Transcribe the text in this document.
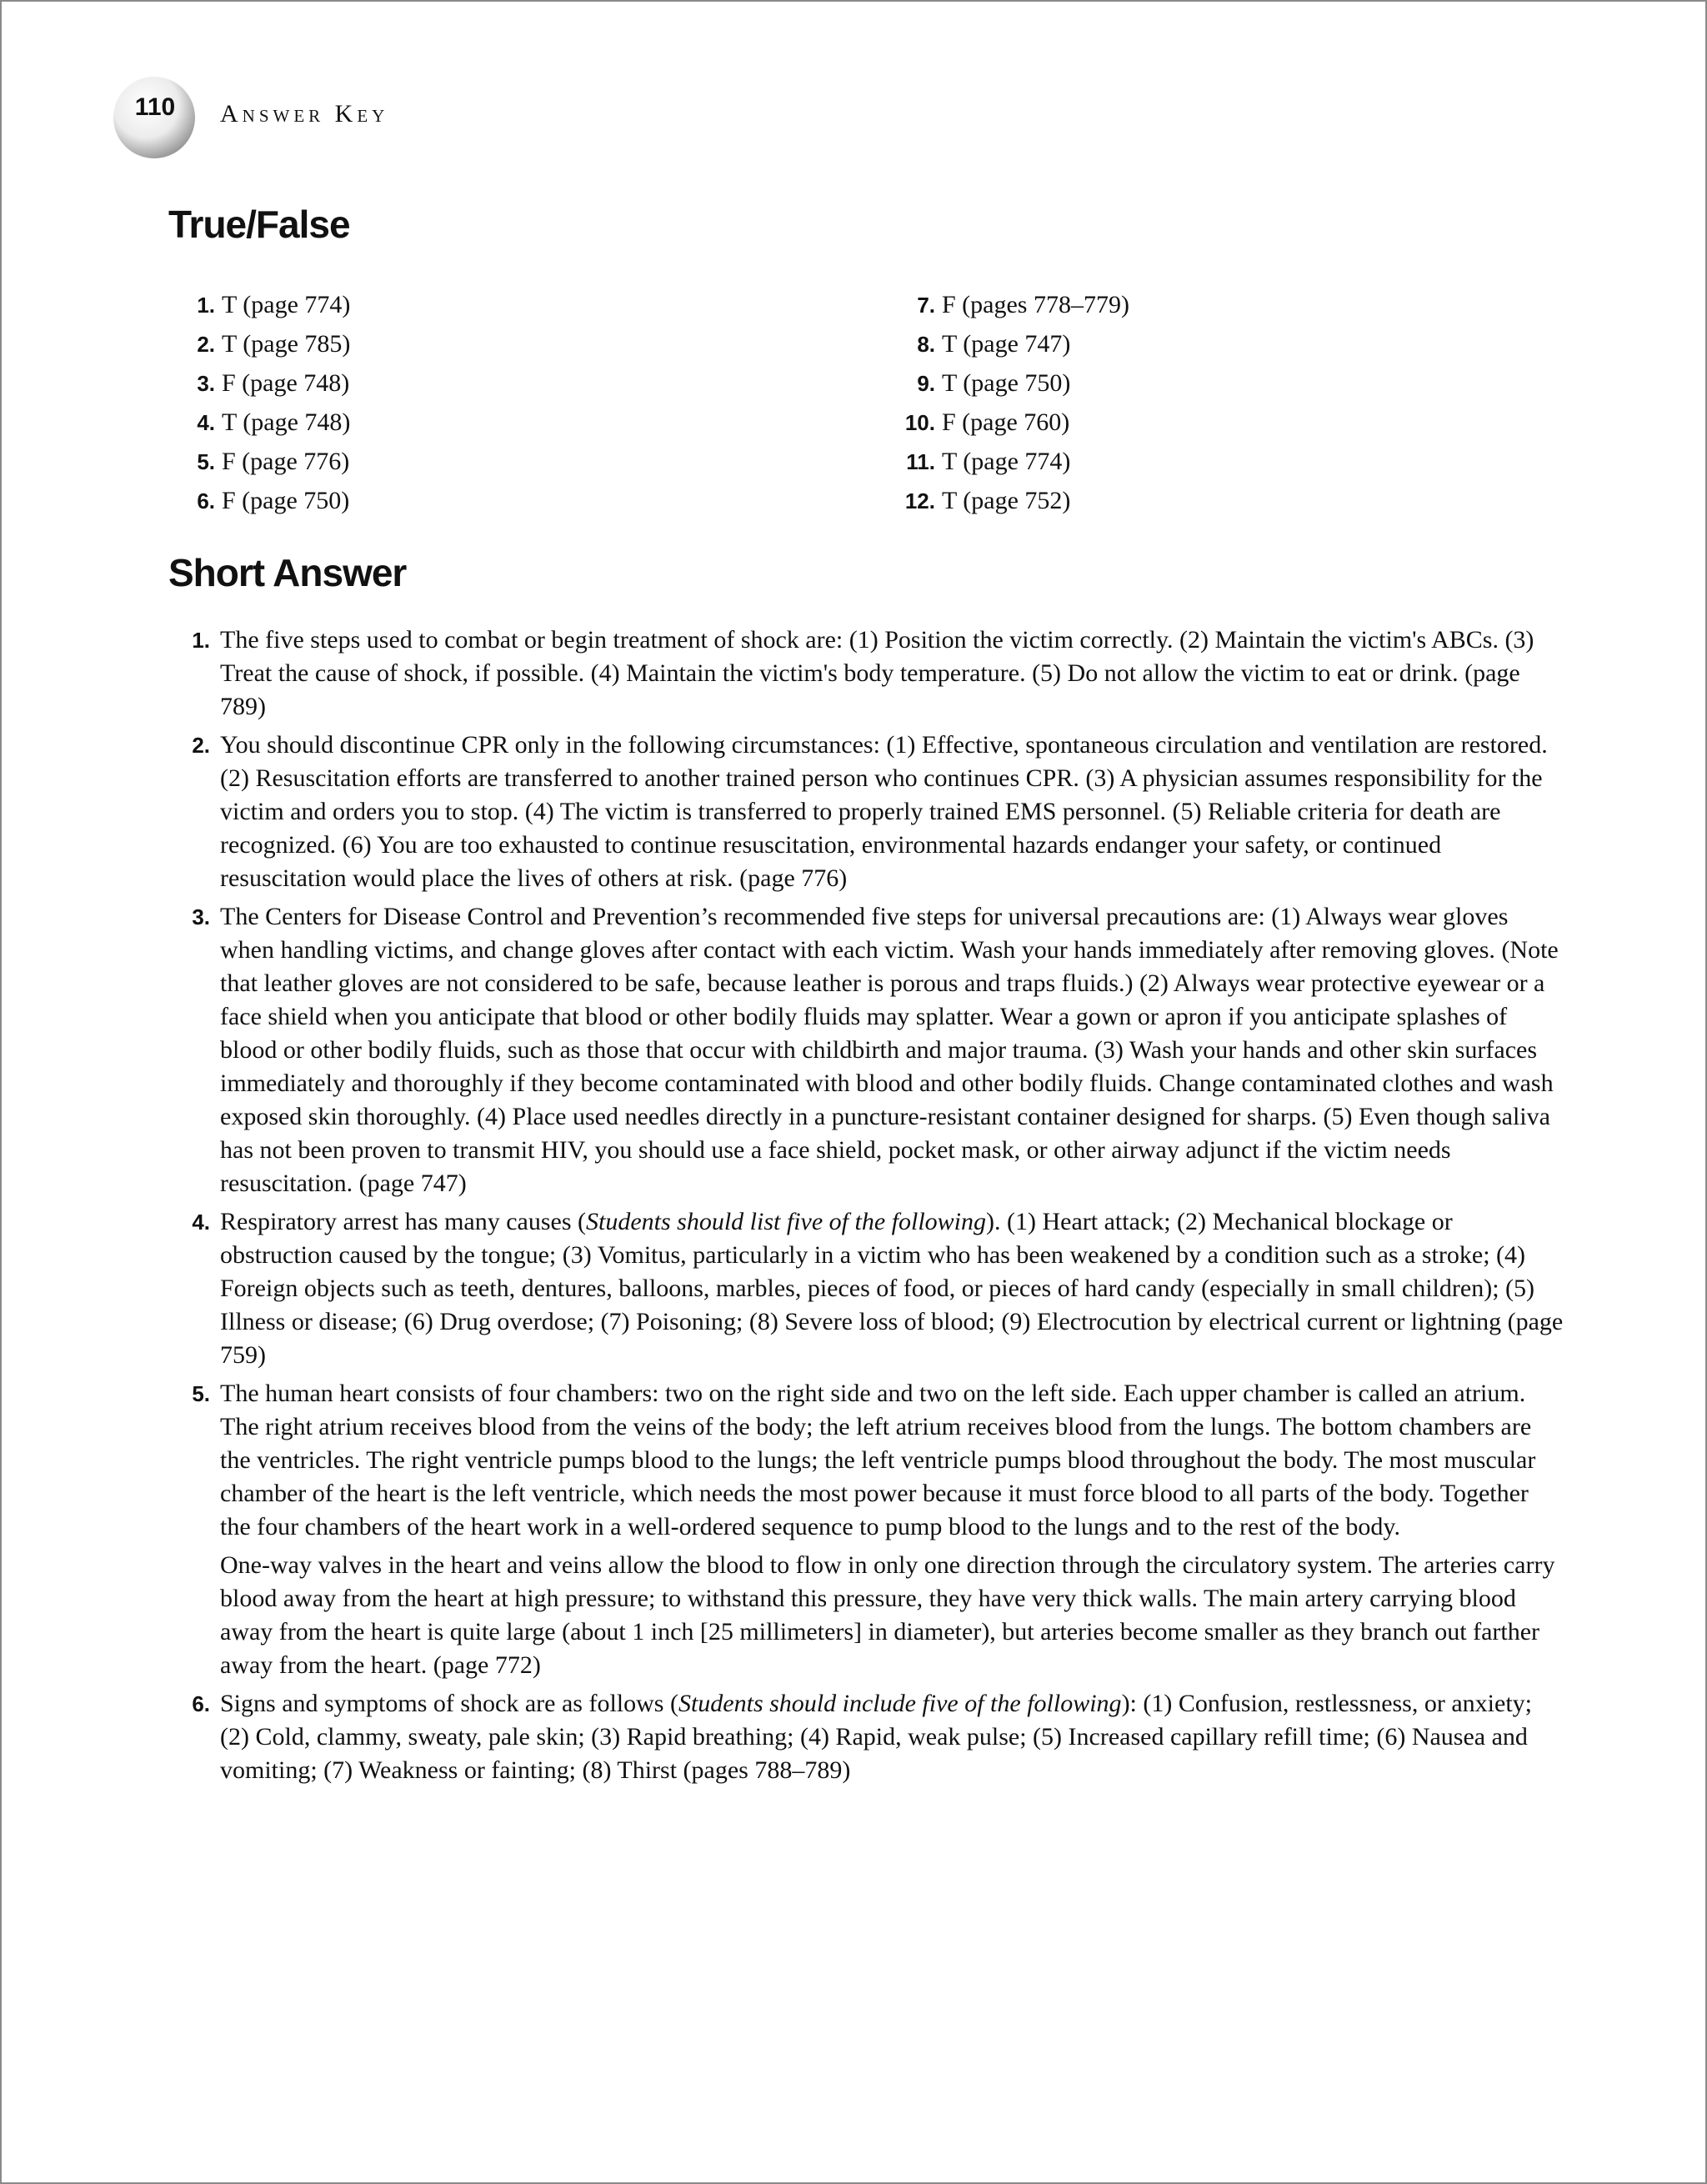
110	Answer Key
True/False
1. T (page 774)
2. T (page 785)
3. F (page 748)
4. T (page 748)
5. F (page 776)
6. F (page 750)
7. F (pages 778–779)
8. T (page 747)
9. T (page 750)
10. F (page 760)
11. T (page 774)
12. T (page 752)
Short Answer
1. The five steps used to combat or begin treatment of shock are: (1) Position the victim correctly. (2) Maintain the victim's ABCs. (3) Treat the cause of shock, if possible. (4) Maintain the victim's body temperature. (5) Do not allow the victim to eat or drink. (page 789)

2. You should discontinue CPR only in the following circumstances: (1) Effective, spontaneous circulation and ventilation are restored. (2) Resuscitation efforts are transferred to another trained person who continues CPR. (3) A physician assumes responsibility for the victim and orders you to stop. (4) The victim is transferred to properly trained EMS personnel. (5) Reliable criteria for death are recognized. (6) You are too exhausted to continue resuscitation, environmental hazards endanger your safety, or continued resuscitation would place the lives of others at risk. (page 776)

3. The Centers for Disease Control and Prevention’s recommended five steps for universal precautions are: (1) Always wear gloves when handling victims, and change gloves after contact with each victim. Wash your hands immediately after removing gloves. (Note that leather gloves are not considered to be safe, because leather is porous and traps fluids.) (2) Always wear protective eyewear or a face shield when you anticipate that blood or other bodily fluids may splatter. Wear a gown or apron if you anticipate splashes of blood or other bodily fluids, such as those that occur with childbirth and major trauma. (3) Wash your hands and other skin surfaces immediately and thoroughly if they become contaminated with blood and other bodily fluids. Change contaminated clothes and wash exposed skin thoroughly. (4) Place used needles directly in a puncture-resistant container designed for sharps. (5) Even though saliva has not been proven to transmit HIV, you should use a face shield, pocket mask, or other airway adjunct if the victim needs resuscitation. (page 747)

4. Respiratory arrest has many causes (Students should list five of the following). (1) Heart attack; (2) Mechanical blockage or obstruction caused by the tongue; (3) Vomitus, particularly in a victim who has been weakened by a condition such as a stroke; (4) Foreign objects such as teeth, dentures, balloons, marbles, pieces of food, or pieces of hard candy (especially in small children); (5) Illness or disease; (6) Drug overdose; (7) Poisoning; (8) Severe loss of blood; (9) Electrocution by electrical current or lightning (page 759)

5. The human heart consists of four chambers: two on the right side and two on the left side. Each upper chamber is called an atrium. The right atrium receives blood from the veins of the body; the left atrium receives blood from the lungs. The bottom chambers are the ventricles. The right ventricle pumps blood to the lungs; the left ventricle pumps blood throughout the body. The most muscular chamber of the heart is the left ventricle, which needs the most power because it must force blood to all parts of the body. Together the four chambers of the heart work in a well-ordered sequence to pump blood to the lungs and to the rest of the body.

One-way valves in the heart and veins allow the blood to flow in only one direction through the circulatory system. The arteries carry blood away from the heart at high pressure; to withstand this pressure, they have very thick walls. The main artery carrying blood away from the heart is quite large (about 1 inch [25 millimeters] in diameter), but arteries become smaller as they branch out farther away from the heart. (page 772)

6. Signs and symptoms of shock are as follows (Students should include five of the following): (1) Confusion, restlessness, or anxiety; (2) Cold, clammy, sweaty, pale skin; (3) Rapid breathing; (4) Rapid, weak pulse; (5) Increased capillary refill time; (6) Nausea and vomiting; (7) Weakness or fainting; (8) Thirst (pages 788–789)
